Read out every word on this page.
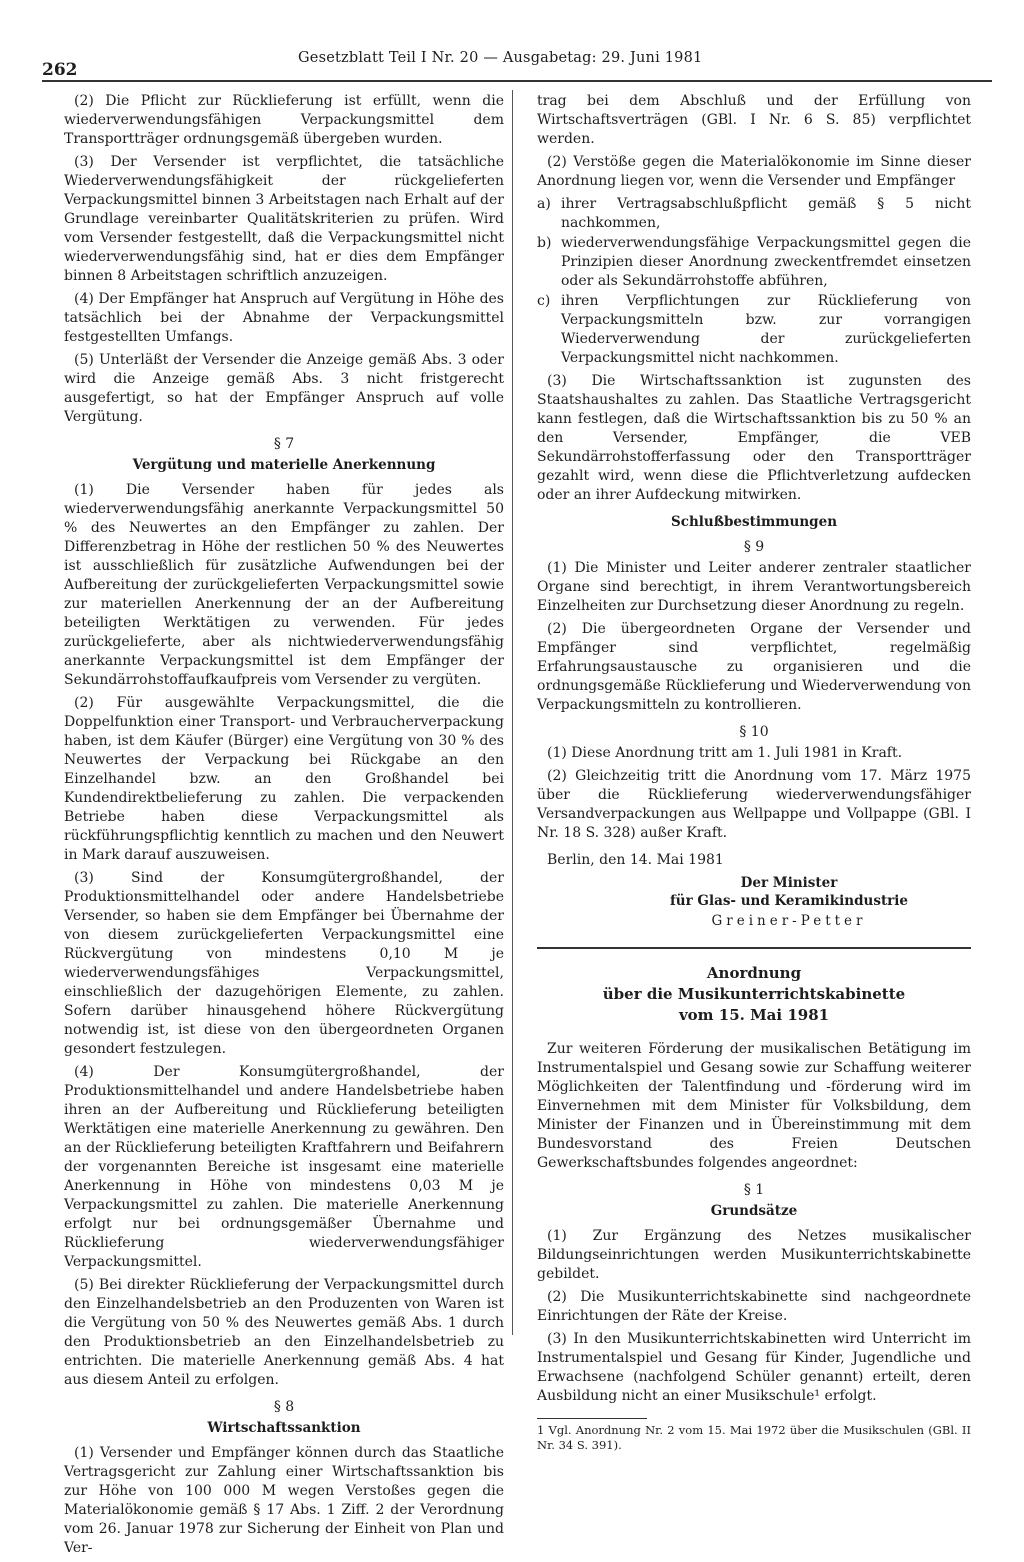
262
Gesetzblatt Teil I Nr. 20 — Ausgabetag: 29. Juni 1981

(2) Die Pflicht zur Rücklieferung ist erfüllt, wenn die wiederverwendungsfähigen Verpackungsmittel dem Transportträger ordnungsgemäß übergeben wurden.

(3) Der Versender ist verpflichtet, die tatsächliche Wiederverwendungsfähigkeit der rückgelieferten Verpackungsmittel binnen 3 Arbeitstagen nach Erhalt auf der Grundlage vereinbarter Qualitätskriterien zu prüfen. Wird vom Versender festgestellt, daß die Verpackungsmittel nicht wiederverwendungsfähig sind, hat er dies dem Empfänger binnen 8 Arbeitstagen schriftlich anzuzeigen.

(4) Der Empfänger hat Anspruch auf Vergütung in Höhe des tatsächlich bei der Abnahme der Verpackungsmittel festgestellten Umfangs.

(5) Unterläßt der Versender die Anzeige gemäß Abs. 3 oder wird die Anzeige gemäß Abs. 3 nicht fristgerecht ausgefertigt, so hat der Empfänger Anspruch auf volle Vergütung.

§ 7
Vergütung und materielle Anerkennung

(1) Die Versender haben für jedes als wiederverwendungsfähig anerkannte Verpackungsmittel 50 % des Neuwertes an den Empfänger zu zahlen. Der Differenzbetrag in Höhe der restlichen 50 % des Neuwertes ist ausschließlich für zusätzliche Aufwendungen bei der Aufbereitung der zurückgelieferten Verpackungsmittel sowie zur materiellen Anerkennung der an der Aufbereitung beteiligten Werktätigen zu verwenden. Für jedes zurückgelieferte, aber als nichtwiederverwendungsfähig anerkannte Verpackungsmittel ist dem Empfänger der Sekundärrohstoffaufkaufpreis vom Versender zu vergüten.

(2) Für ausgewählte Verpackungsmittel, die die Doppelfunktion einer Transport- und Verbraucherverpackung haben, ist dem Käufer (Bürger) eine Vergütung von 30 % des Neuwertes der Verpackung bei Rückgabe an den Einzelhandel bzw. an den Großhandel bei Kundendirektbelieferung zu zahlen. Die verpackenden Betriebe haben diese Verpackungsmittel als rückführungspflichtig kenntlich zu machen und den Neuwert in Mark darauf auszuweisen.

(3) Sind der Konsumgütergroßhandel, der Produktionsmittelhandel oder andere Handelsbetriebe Versender, so haben sie dem Empfänger bei Übernahme der von diesem zurückgelieferten Verpackungsmittel eine Rückvergütung von mindestens 0,10 M je wiederverwendungsfähiges Verpackungsmittel, einschließlich der dazugehörigen Elemente, zu zahlen. Sofern darüber hinausgehend höhere Rückvergütung notwendig ist, ist diese von den übergeordneten Organen gesondert festzulegen.

(4) Der Konsumgütergroßhandel, der Produktionsmittelhandel und andere Handelsbetriebe haben ihren an der Aufbereitung und Rücklieferung beteiligten Werktätigen eine materielle Anerkennung zu gewähren. Den an der Rücklieferung beteiligten Kraftfahrern und Beifahrern der vorgenannten Bereiche ist insgesamt eine materielle Anerkennung in Höhe von mindestens 0,03 M je Verpackungsmittel zu zahlen. Die materielle Anerkennung erfolgt nur bei ordnungsgemäßer Übernahme und Rücklieferung wiederverwendungsfähiger Verpackungsmittel.

(5) Bei direkter Rücklieferung der Verpackungsmittel durch den Einzelhandelsbetrieb an den Produzenten von Waren ist die Vergütung von 50 % des Neuwertes gemäß Abs. 1 durch den Produktionsbetrieb an den Einzelhandelsbetrieb zu entrichten. Die materielle Anerkennung gemäß Abs. 4 hat aus diesem Anteil zu erfolgen.

§ 8
Wirtschaftssanktion

(1) Versender und Empfänger können durch das Staatliche Vertragsgericht zur Zahlung einer Wirtschaftssanktion bis zur Höhe von 100 000 M wegen Verstoßes gegen die Materialökonomie gemäß § 17 Abs. 1 Ziff. 2 der Verordnung vom 26. Januar 1978 zur Sicherung der Einheit von Plan und Ver-

trag bei dem Abschluß und der Erfüllung von Wirtschaftsverträgen (GBl. I Nr. 6 S. 85) verpflichtet werden.

(2) Verstöße gegen die Materialökonomie im Sinne dieser Anordnung liegen vor, wenn die Versender und Empfänger

a) ihrer Vertragsabschlußpflicht gemäß § 5 nicht nachkommen,
b) wiederverwendungsfähige Verpackungsmittel gegen die Prinzipien dieser Anordnung zweckentfremdet einsetzen oder als Sekundärrohstoffe abführen,
c) ihren Verpflichtungen zur Rücklieferung von Verpackungsmitteln bzw. zur vorrangigen Wiederverwendung der zurückgelieferten Verpackungsmittel nicht nachkommen.

(3) Die Wirtschaftssanktion ist zugunsten des Staatshaushaltes zu zahlen. Das Staatliche Vertragsgericht kann festlegen, daß die Wirtschaftssanktion bis zu 50 % an den Versender, Empfänger, die VEB Sekundärrohstofferfassung oder den Transportträger gezahlt wird, wenn diese die Pflichtverletzung aufdecken oder an ihrer Aufdeckung mitwirken.

Schlußbestimmungen
§ 9

(1) Die Minister und Leiter anderer zentraler staatlicher Organe sind berechtigt, in ihrem Verantwortungsbereich Einzelheiten zur Durchsetzung dieser Anordnung zu regeln.

(2) Die übergeordneten Organe der Versender und Empfänger sind verpflichtet, regelmäßig Erfahrungsaustausche zu organisieren und die ordnungsgemäße Rücklieferung und Wiederverwendung von Verpackungsmitteln zu kontrollieren.

§ 10

(1) Diese Anordnung tritt am 1. Juli 1981 in Kraft.

(2) Gleichzeitig tritt die Anordnung vom 17. März 1975 über die Rücklieferung wiederverwendungsfähiger Versandverpackungen aus Wellpappe und Vollpappe (GBl. I Nr. 18 S. 328) außer Kraft.

Berlin, den 14. Mai 1981

Der Minister
für Glas- und Keramikindustrie
Greiner-Petter
Anordnung
über die Musikunterrichtskabinette
vom 15. Mai 1981

Zur weiteren Förderung der musikalischen Betätigung im Instrumentalspiel und Gesang sowie zur Schaffung weiterer Möglichkeiten der Talentfindung und -förderung wird im Einvernehmen mit dem Minister für Volksbildung, dem Minister der Finanzen und in Übereinstimmung mit dem Bundesvorstand des Freien Deutschen Gewerkschaftsbundes folgendes angeordnet:

§ 1
Grundsätze

(1) Zur Ergänzung des Netzes musikalischer Bildungseinrichtungen werden Musikunterrichtskabinette gebildet.

(2) Die Musikunterrichtskabinette sind nachgeordnete Einrichtungen der Räte der Kreise.

(3) In den Musikunterrichtskabinetten wird Unterricht im Instrumentalspiel und Gesang für Kinder, Jugendliche und Erwachsene (nachfolgend Schüler genannt) erteilt, deren Ausbildung nicht an einer Musikschule¹ erfolgt.

1 Vgl. Anordnung Nr. 2 vom 15. Mai 1972 über die Musikschulen (GBl. II Nr. 34 S. 391).
